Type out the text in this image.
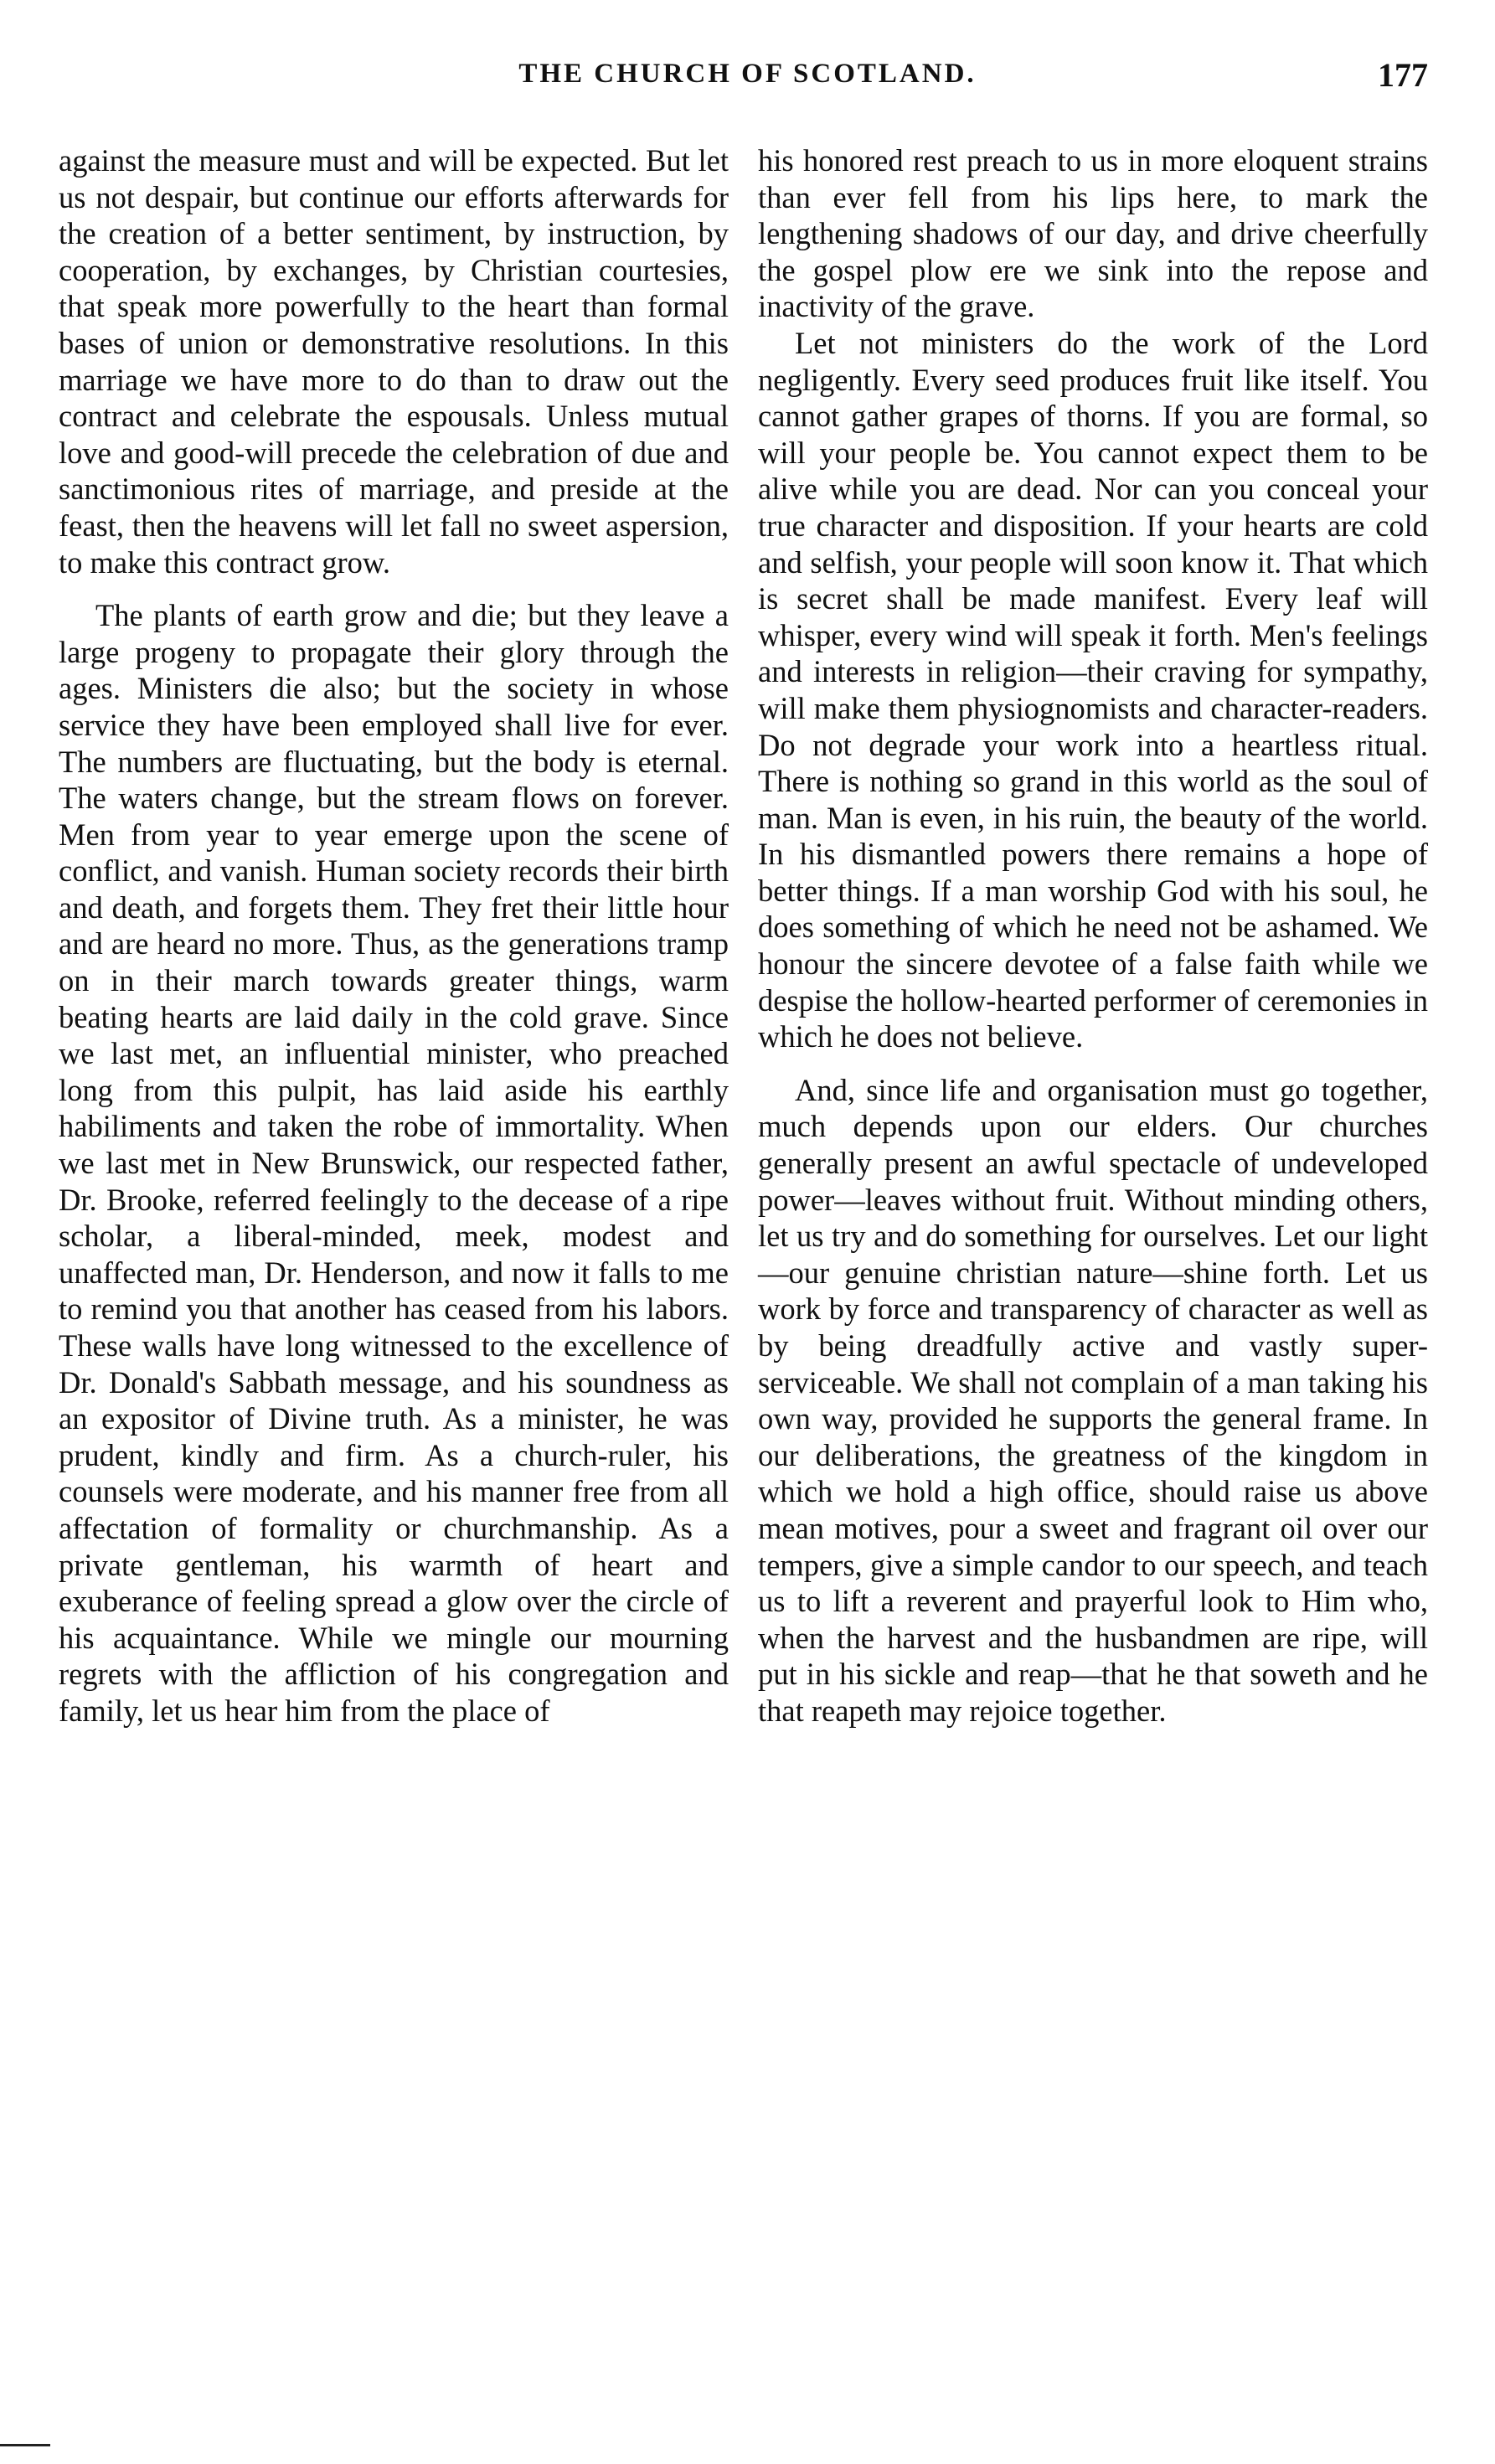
THE CHURCH OF SCOTLAND.	177

against the measure must and will be expected. But let us not despair, but continue our efforts afterwards for the creation of a better sentiment, by instruction, by cooperation, by exchanges, by Christian courtesies, that speak more powerfully to the heart than formal bases of union or demonstrative resolutions. In this marriage we have more to do than to draw out the contract and celebrate the espousals. Unless mutual love and good-will precede the celebration of due and sanctimonious rites of marriage, and preside at the feast, then the heavens will let fall no sweet aspersion, to make this contract grow.

The plants of earth grow and die; but they leave a large progeny to propagate their glory through the ages. Ministers die also; but the society in whose service they have been employed shall live for ever. The numbers are fluctuating, but the body is eternal. The waters change, but the stream flows on forever. Men from year to year emerge upon the scene of conflict, and vanish. Human society records their birth and death, and forgets them. They fret their little hour and are heard no more. Thus, as the generations tramp on in their march towards greater things, warm beating hearts are laid daily in the cold grave. Since we last met, an influential minister, who preached long from this pulpit, has laid aside his earthly habiliments and taken the robe of immortality. When we last met in New Brunswick, our respected father, Dr. Brooke, referred feelingly to the decease of a ripe scholar, a liberal-minded, meek, modest and unaffected man, Dr. Henderson, and now it falls to me to remind you that another has ceased from his labors. These walls have long witnessed to the excellence of Dr. Donald's Sabbath message, and his soundness as an expositor of Divine truth. As a minister, he was prudent, kindly and firm. As a church-ruler, his counsels were moderate, and his manner free from all affectation of formality or churchmanship. As a private gentleman, his warmth of heart and exuberance of feeling spread a glow over the circle of his acquaintance. While we mingle our mourning regrets with the affliction of his congregation and family, let us hear him from the place of

his honored rest preach to us in more eloquent strains than ever fell from his lips here, to mark the lengthening shadows of our day, and drive cheerfully the gospel plow ere we sink into the repose and inactivity of the grave.

Let not ministers do the work of the Lord negligently. Every seed produces fruit like itself. You cannot gather grapes of thorns. If you are formal, so will your people be. You cannot expect them to be alive while you are dead. Nor can you conceal your true character and disposition. If your hearts are cold and selfish, your people will soon know it. That which is secret shall be made manifest. Every leaf will whisper, every wind will speak it forth. Men's feelings and interests in religion—their craving for sympathy, will make them physiognomists and character-readers. Do not degrade your work into a heartless ritual. There is nothing so grand in this world as the soul of man. Man is even, in his ruin, the beauty of the world. In his dismantled powers there remains a hope of better things. If a man worship God with his soul, he does something of which he need not be ashamed. We honour the sincere devotee of a false faith while we despise the hollow-hearted performer of ceremonies in which he does not believe.

And, since life and organisation must go together, much depends upon our elders. Our churches generally present an awful spectacle of undeveloped power—leaves without fruit. Without minding others, let us try and do something for ourselves. Let our light—our genuine christian nature—shine forth. Let us work by force and transparency of character as well as by being dreadfully active and vastly super-serviceable. We shall not complain of a man taking his own way, provided he supports the general frame. In our deliberations, the greatness of the kingdom in which we hold a high office, should raise us above mean motives, pour a sweet and fragrant oil over our tempers, give a simple candor to our speech, and teach us to lift a reverent and prayerful look to Him who, when the harvest and the husbandmen are ripe, will put in his sickle and reap—that he that soweth and he that reapeth may rejoice together.
